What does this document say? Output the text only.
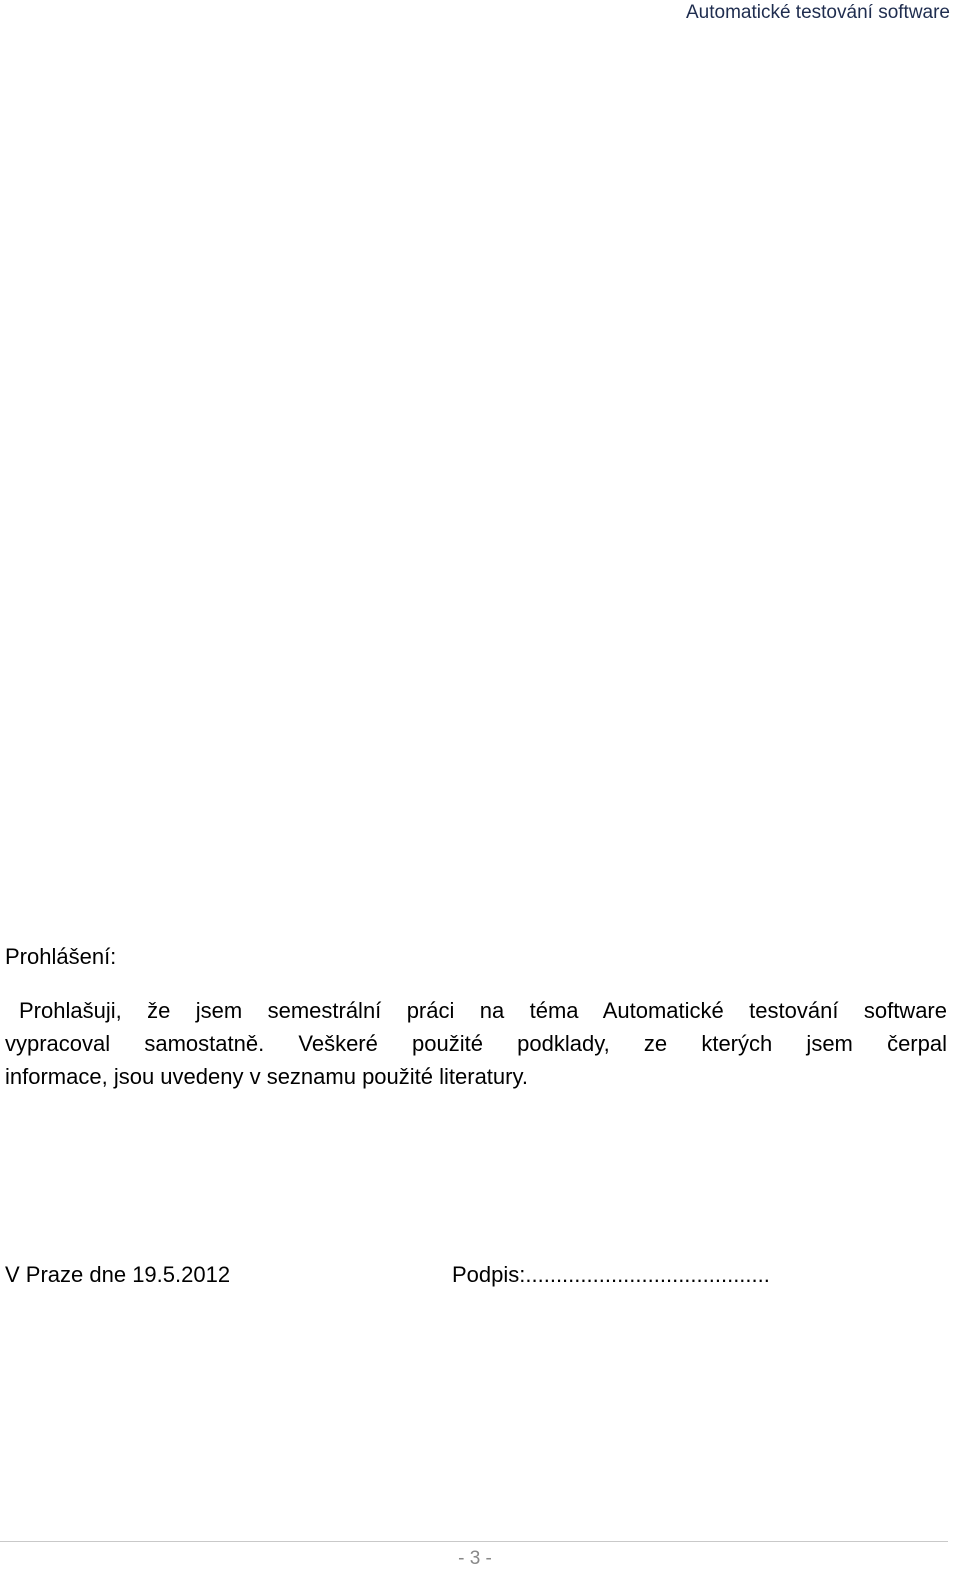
Automatické testování software
Prohlášení:
Prohlašuji, že jsem semestrální práci na téma Automatické testování software
vypracoval samostatně. Veškeré použité podklady, ze kterých jsem čerpal
informace, jsou uvedeny v seznamu použité literatury.
V Praze dne 19.5.2012	Podpis:........................................
- 3 -
